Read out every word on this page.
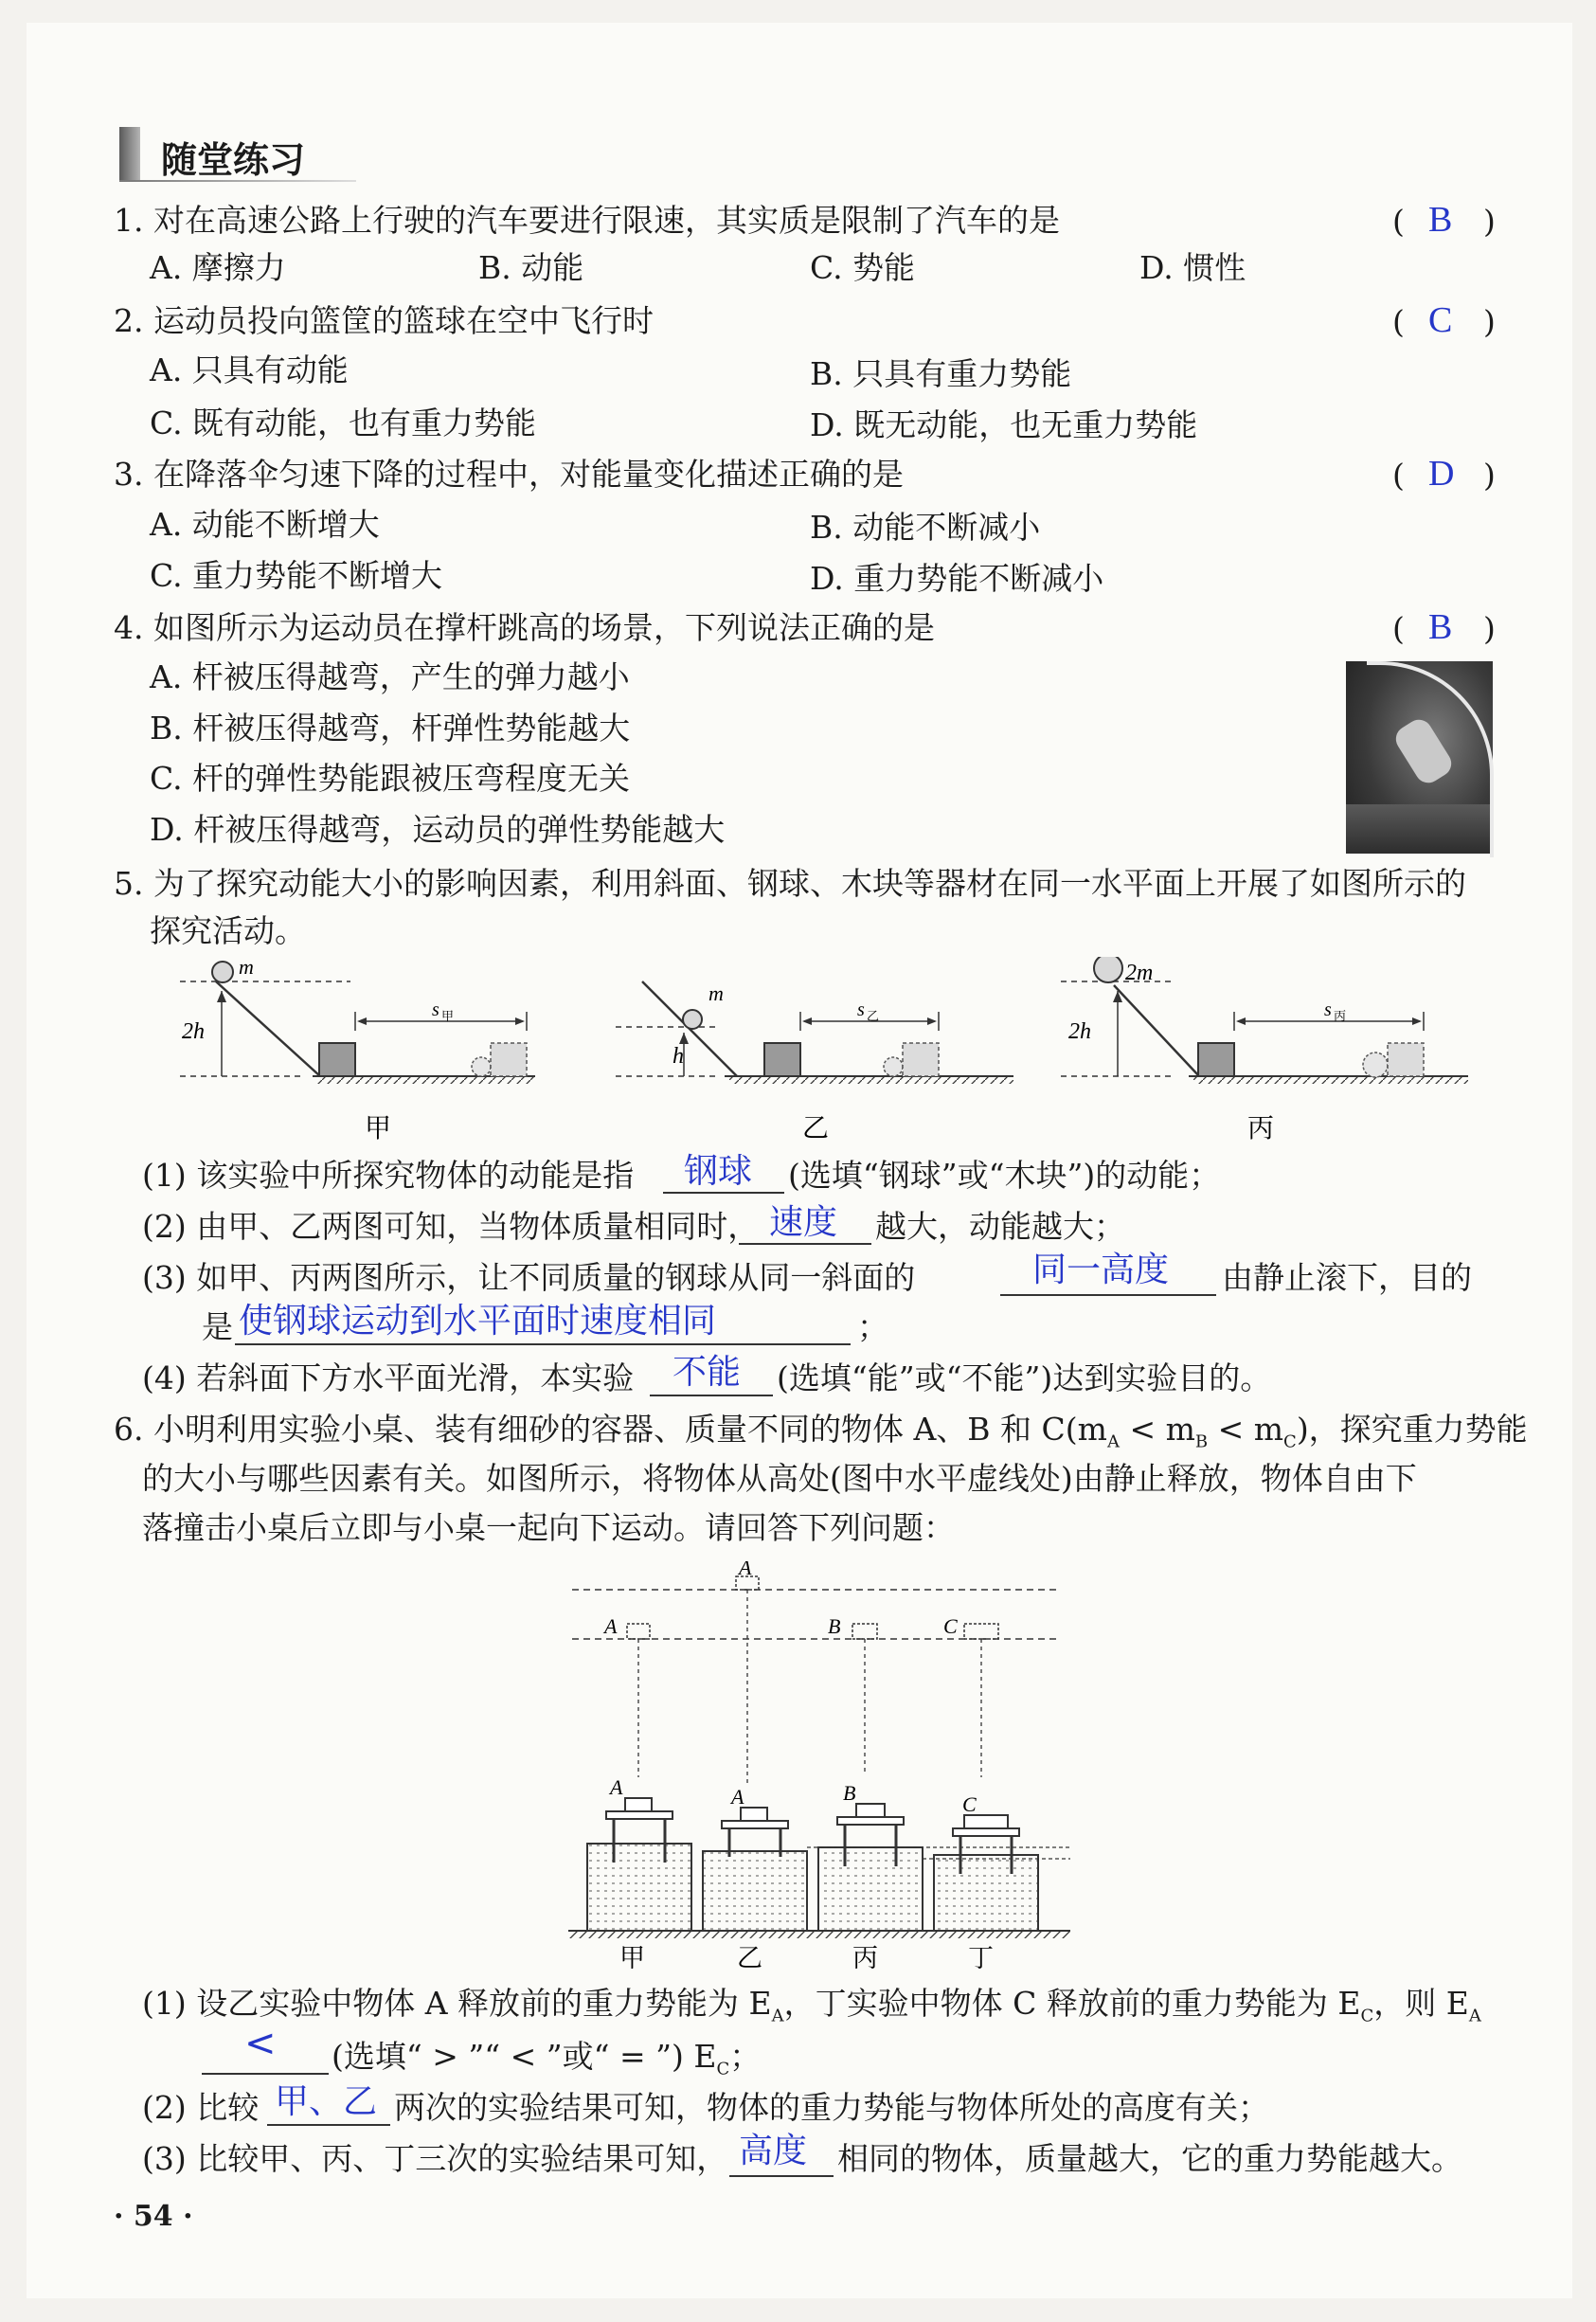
随堂练习
1. 对在高速公路上行驶的汽车要进行限速，其实质是限制了汽车的是	( B )
A. 摩擦力	B. 动能	C. 势能	D. 惯性
2. 运动员投向篮筐的篮球在空中飞行时	( C )
A. 只具有动能	B. 只具有重力势能
C. 既有动能，也有重力势能	D. 既无动能，也无重力势能
3. 在降落伞匀速下降的过程中，对能量变化描述正确的是	( D )
A. 动能不断增大	B. 动能不断减小
C. 重力势能不断增大	D. 重力势能不断减小
4. 如图所示为运动员在撑杆跳高的场景，下列说法正确的是	( B )
A. 杆被压得越弯，产生的弹力越小
B. 杆被压得越弯，杆弹性势能越大
C. 杆的弹性势能跟被压弯程度无关
D. 杆被压得越弯，运动员的弹性势能越大
5. 为了探究动能大小的影响因素，利用斜面、钢球、木块等器材在同一水平面上开展了如图所示的
探究活动。
m
2h
s 甲
甲
m
h
s 乙
乙
2m
2h
s 丙
丙
(1) 该实验中所探究物体的动能是指 钢球 (选填“钢球”或“木块”)的动能；
(2) 由甲、乙两图可知，当物体质量相同时， 速度 越大，动能越大；
(3) 如甲、丙两图所示，让不同质量的钢球从同一斜面的	同一高度 由静止滚下，目的
是 使钢球运动到水平面时速度相同	；
(4) 若斜面下方水平面光滑，本实验 不能 (选填“能”或“不能”)达到实验目的。
6. 小明利用实验小桌、装有细砂的容器、质量不同的物体 A、B 和 $C(m_A < m_B < m_C)$，探究重力势能
的大小与哪些因素有关。如图所示，将物体从高处(图中水平虚线处)由静止释放，物体自由下
落撞击小桌后立即与小桌一起向下运动。请回答下列问题：
A
A	B	C
A	A	B	C
甲	乙	丙	丁
(1) 设乙实验中物体 A 释放前的重力势能为 $E_A$，丁实验中物体 C 释放前的重力势能为 $E_C$，则 $E_A$
< (选填“ > ”“ < ”或“ = ”) $E_C$；
(2) 比较 甲、乙 两次的实验结果可知，物体的重力势能与物体所处的高度有关；
(3) 比较甲、丙、丁三次的实验结果可知， 高度 相同的物体，质量越大，它的重力势能越大。
· 54 ·
